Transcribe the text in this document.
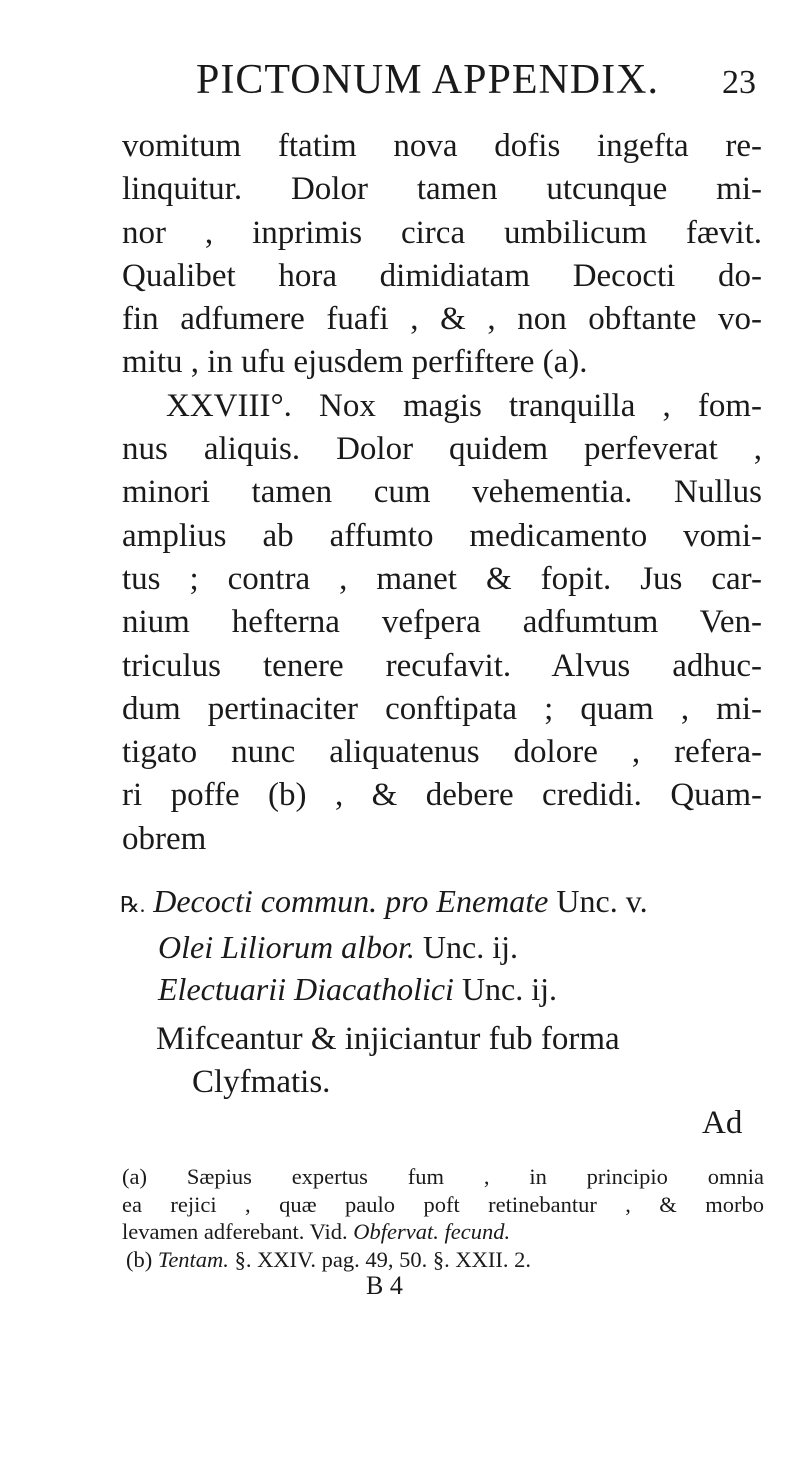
PICTONUM APPENDIX. 23
vomitum ftatim nova dofis ingefta re-
linquitur. Dolor tamen utcunque mi-
nor , inprimis circa umbilicum fævit.
Qualibet hora dimidiatam Decocti do-
fin adfumere fuafi , & , non obftante vo-
mitu , in ufu ejusdem perfiftere (a).
XXVIII°. Nox magis tranquilla , fom-
nus aliquis. Dolor quidem perfeverat ,
minori tamen cum vehementia. Nullus
amplius ab affumto medicamento vomi-
tus ; contra , manet & fopit. Jus car-
nium hefterna vefpera adfumtum Ven-
triculus tenere recufavit. Alvus adhuc-
dum pertinaciter conftipata ; quam , mi-
tigato nunc aliquatenus dolore , refera-
ri poffe (b) , & debere credidi. Quam-
obrem
℞. Decocti commun. pro Enemate Unc. v.
Olei Liliorum albor. Unc. ij.
Electuarii Diacatholici Unc. ij.
Mifceantur & injiciantur fub forma
Clyfmatis.
Ad
(a) Sæpius expertus fum , in principio omnia
ea rejici , quæ paulo poft retinebantur , & morbo
levamen adferebant. Vid. Obfervat. fecund.
(b) Tentam. §. XXIV. pag. 49, 50. §. XXII. 2.
B 4
